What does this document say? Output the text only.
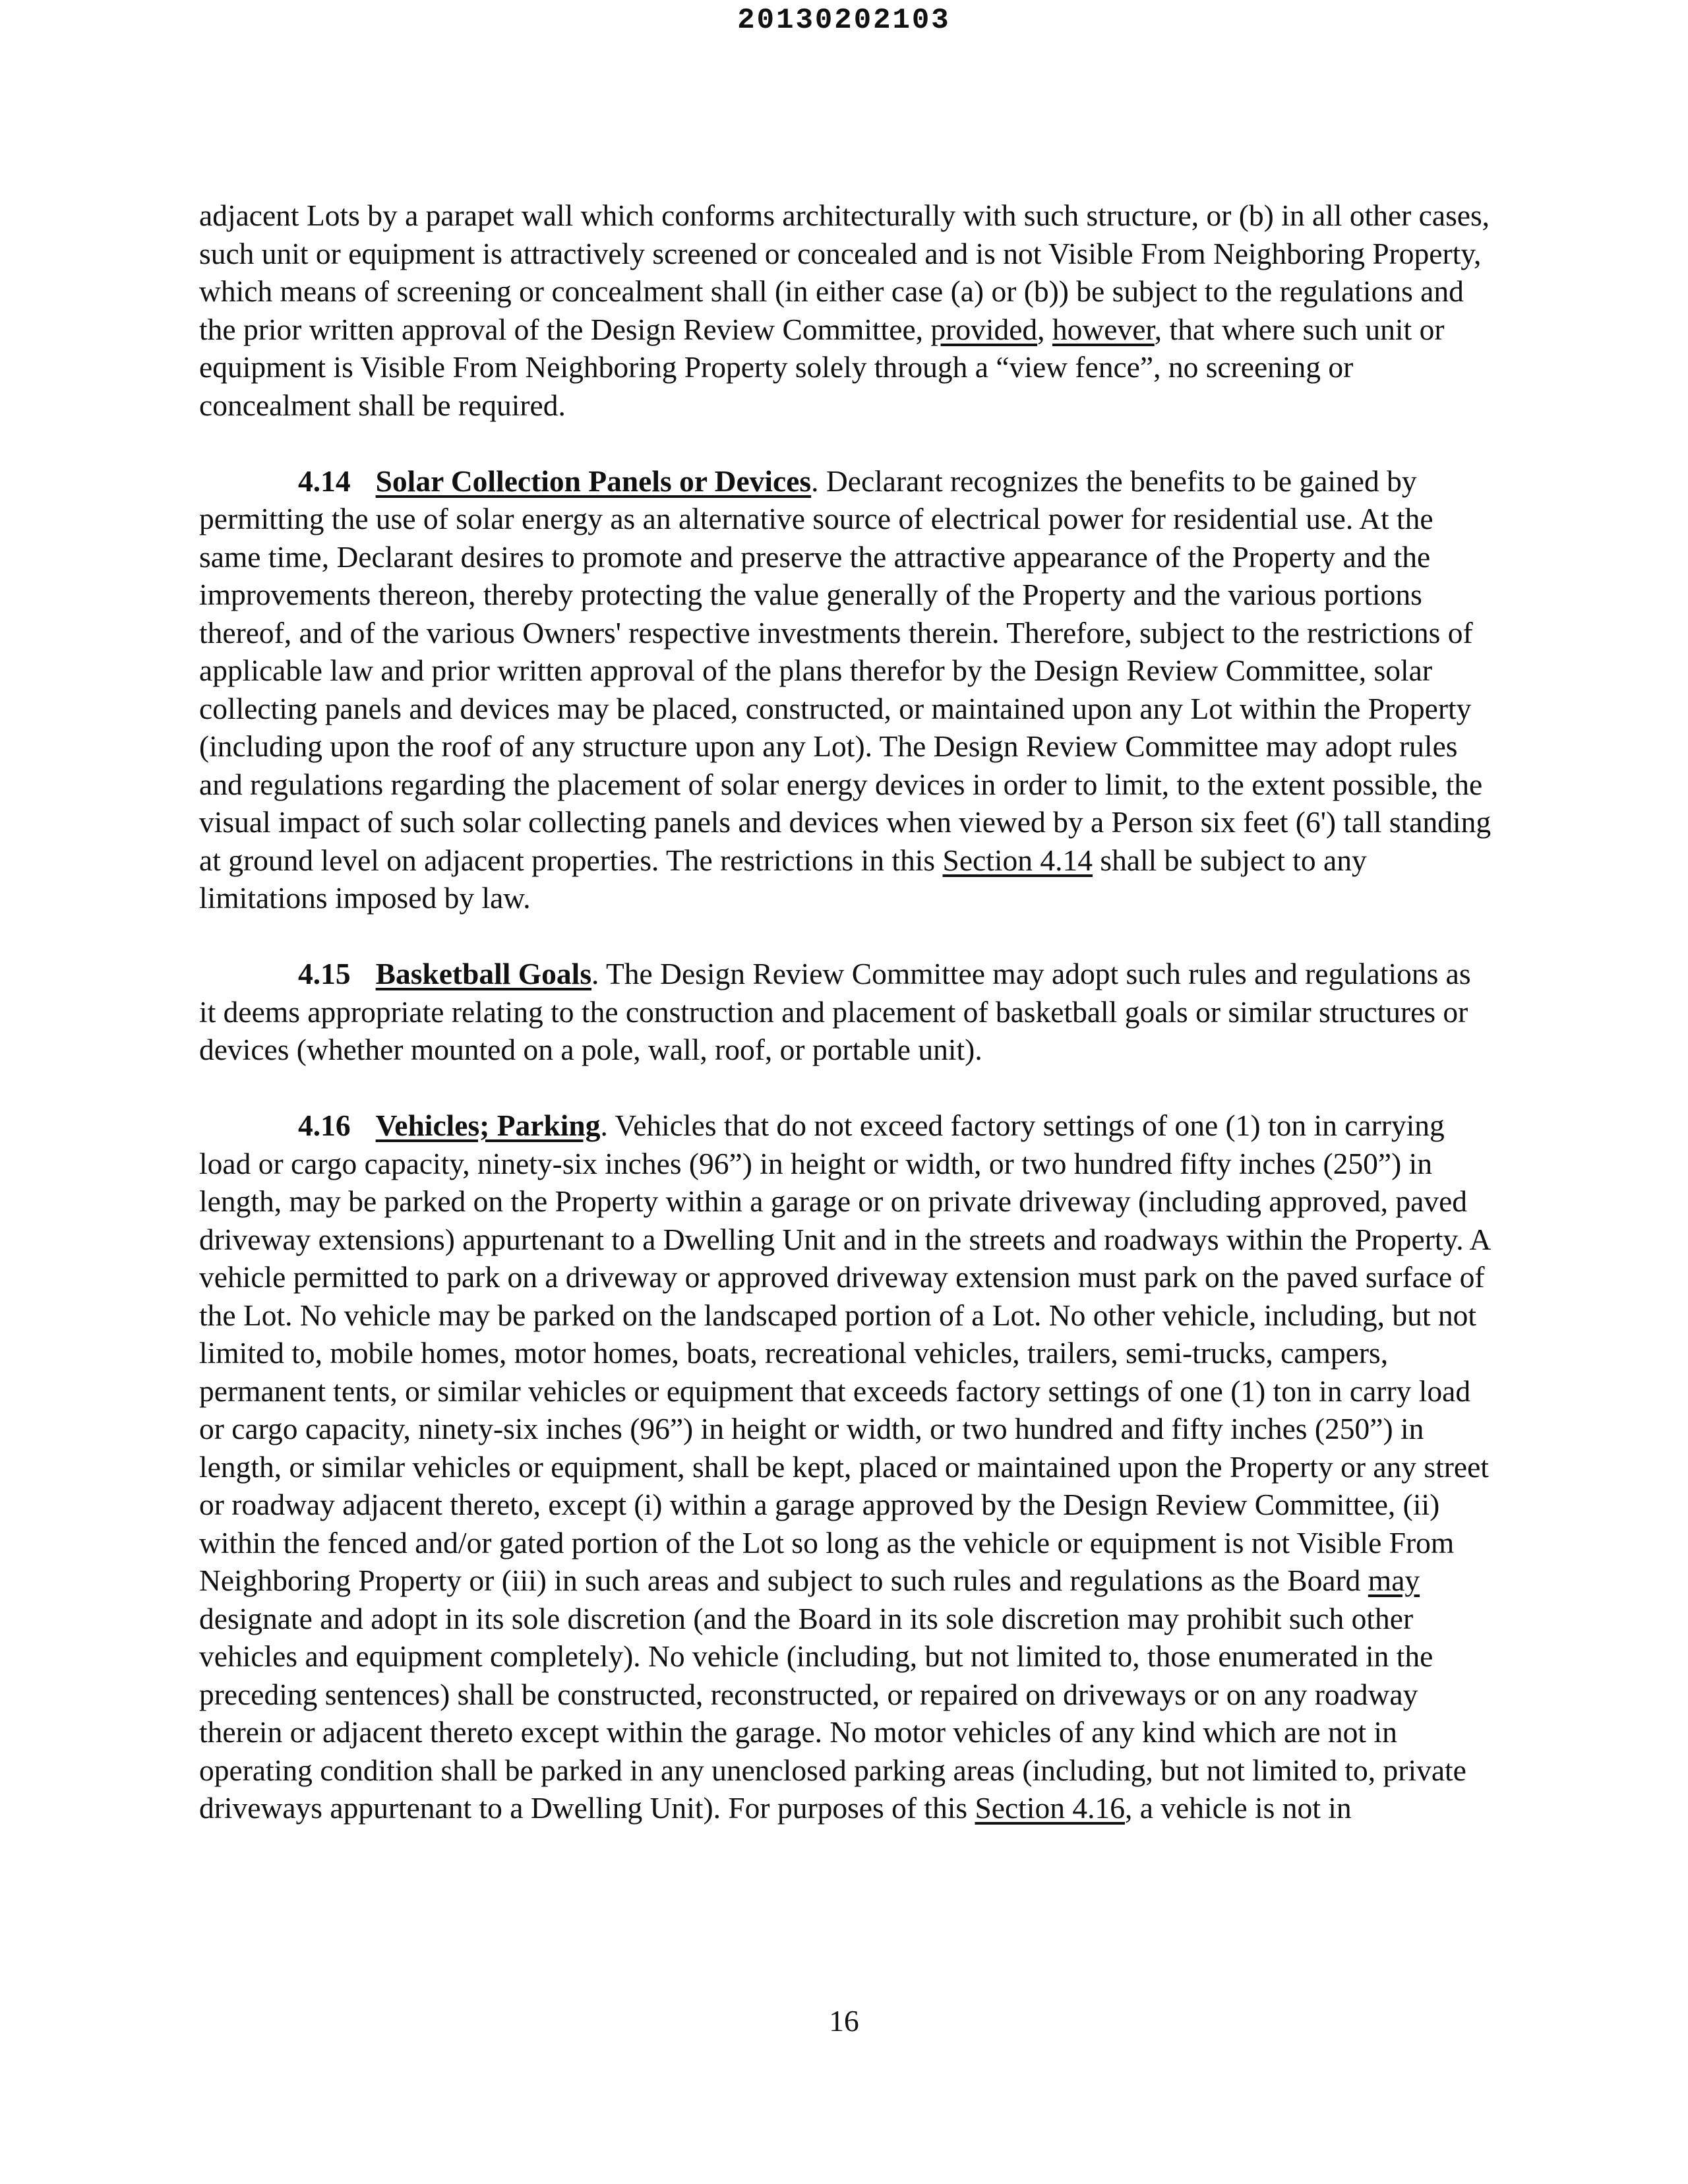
20130202103

adjacent Lots by a parapet wall which conforms architecturally with such structure, or (b) in all other cases, such unit or equipment is attractively screened or concealed and is not Visible From Neighboring Property, which means of screening or concealment shall (in either case (a) or (b)) be subject to the regulations and the prior written approval of the Design Review Committee, provided, however, that where such unit or equipment is Visible From Neighboring Property solely through a “view fence”, no screening or concealment shall be required.

4.14 Solar Collection Panels or Devices. Declarant recognizes the benefits to be gained by permitting the use of solar energy as an alternative source of electrical power for residential use. At the same time, Declarant desires to promote and preserve the attractive appearance of the Property and the improvements thereon, thereby protecting the value generally of the Property and the various portions thereof, and of the various Owners' respective investments therein. Therefore, subject to the restrictions of applicable law and prior written approval of the plans therefor by the Design Review Committee, solar collecting panels and devices may be placed, constructed, or maintained upon any Lot within the Property (including upon the roof of any structure upon any Lot). The Design Review Committee may adopt rules and regulations regarding the placement of solar energy devices in order to limit, to the extent possible, the visual impact of such solar collecting panels and devices when viewed by a Person six feet (6') tall standing at ground level on adjacent properties. The restrictions in this Section 4.14 shall be subject to any limitations imposed by law.

4.15 Basketball Goals. The Design Review Committee may adopt such rules and regulations as it deems appropriate relating to the construction and placement of basketball goals or similar structures or devices (whether mounted on a pole, wall, roof, or portable unit).

4.16 Vehicles; Parking. Vehicles that do not exceed factory settings of one (1) ton in carrying load or cargo capacity, ninety-six inches (96”) in height or width, or two hundred fifty inches (250”) in length, may be parked on the Property within a garage or on private driveway (including approved, paved driveway extensions) appurtenant to a Dwelling Unit and in the streets and roadways within the Property. A vehicle permitted to park on a driveway or approved driveway extension must park on the paved surface of the Lot. No vehicle may be parked on the landscaped portion of a Lot. No other vehicle, including, but not limited to, mobile homes, motor homes, boats, recreational vehicles, trailers, semi-trucks, campers, permanent tents, or similar vehicles or equipment that exceeds factory settings of one (1) ton in carry load or cargo capacity, ninety-six inches (96”) in height or width, or two hundred and fifty inches (250”) in length, or similar vehicles or equipment, shall be kept, placed or maintained upon the Property or any street or roadway adjacent thereto, except (i) within a garage approved by the Design Review Committee, (ii) within the fenced and/or gated portion of the Lot so long as the vehicle or equipment is not Visible From Neighboring Property or (iii) in such areas and subject to such rules and regulations as the Board may designate and adopt in its sole discretion (and the Board in its sole discretion may prohibit such other vehicles and equipment completely). No vehicle (including, but not limited to, those enumerated in the preceding sentences) shall be constructed, reconstructed, or repaired on driveways or on any roadway therein or adjacent thereto except within the garage. No motor vehicles of any kind which are not in operating condition shall be parked in any unenclosed parking areas (including, but not limited to, private driveways appurtenant to a Dwelling Unit). For purposes of this Section 4.16, a vehicle is not in

16
